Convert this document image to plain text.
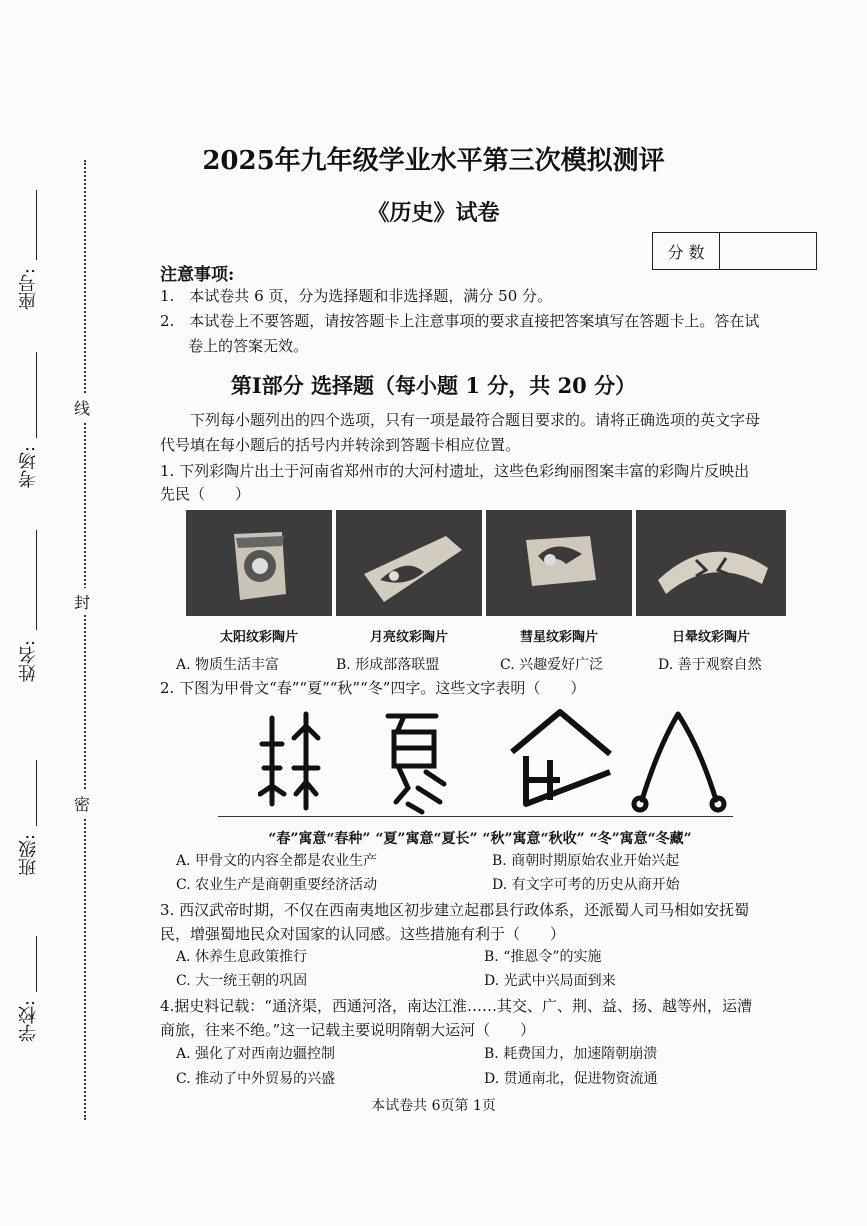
座号:
考场:
姓名:
班级:
学校:
线
封
密
2025年九年级学业水平第三次模拟测评
《历史》试卷
分 数
注意事项:
1.　本试卷共 6 页，分为选择题和非选择题，满分 50 分。
2.　本试卷上不要答题，请按答题卡上注意事项的要求直接把答案填写在答题卡上。答在试
卷上的答案无效。
第Ⅰ部分 选择题（每小题 1 分，共 20 分）
下列每小题列出的四个选项，只有一项是最符合题目要求的。请将正确选项的英文字母
代号填在每小题后的括号内并转涂到答题卡相应位置。
1. 下列彩陶片出土于河南省郑州市的大河村遗址，这些色彩绚丽图案丰富的彩陶片反映出
先民（　　）
太阳纹彩陶片	月亮纹彩陶片	彗星纹彩陶片	日晕纹彩陶片
A. 物质生活丰富	B. 形成部落联盟	C. 兴趣爱好广泛	D. 善于观察自然
2. 下图为甲骨文“春”“夏”“秋”“冬”四字。这些文字表明（　　）
“春”寓意“春种” “夏”寓意“夏长” “秋”寓意“秋收” “冬”寓意“冬藏”
A. 甲骨文的内容全都是农业生产	B. 商朝时期原始农业开始兴起
C. 农业生产是商朝重要经济活动	D. 有文字可考的历史从商开始
3. 西汉武帝时期，不仅在西南夷地区初步建立起郡县行政体系，还派蜀人司马相如安抚蜀
民，增强蜀地民众对国家的认同感。这些措施有利于（　　）
A. 休养生息政策推行	B. “推恩令”的实施
C. 大一统王朝的巩固	D. 光武中兴局面到来
4.据史料记载：“通济渠，西通河洛，南达江淮……其交、广、荆、益、扬、越等州，运漕
商旅，往来不绝。”这一记载主要说明隋朝大运河（　　）
A. 强化了对西南边疆控制	B. 耗费国力，加速隋朝崩溃
C. 推动了中外贸易的兴盛	D. 贯通南北，促进物资流通
本试卷共 6页第 1页
